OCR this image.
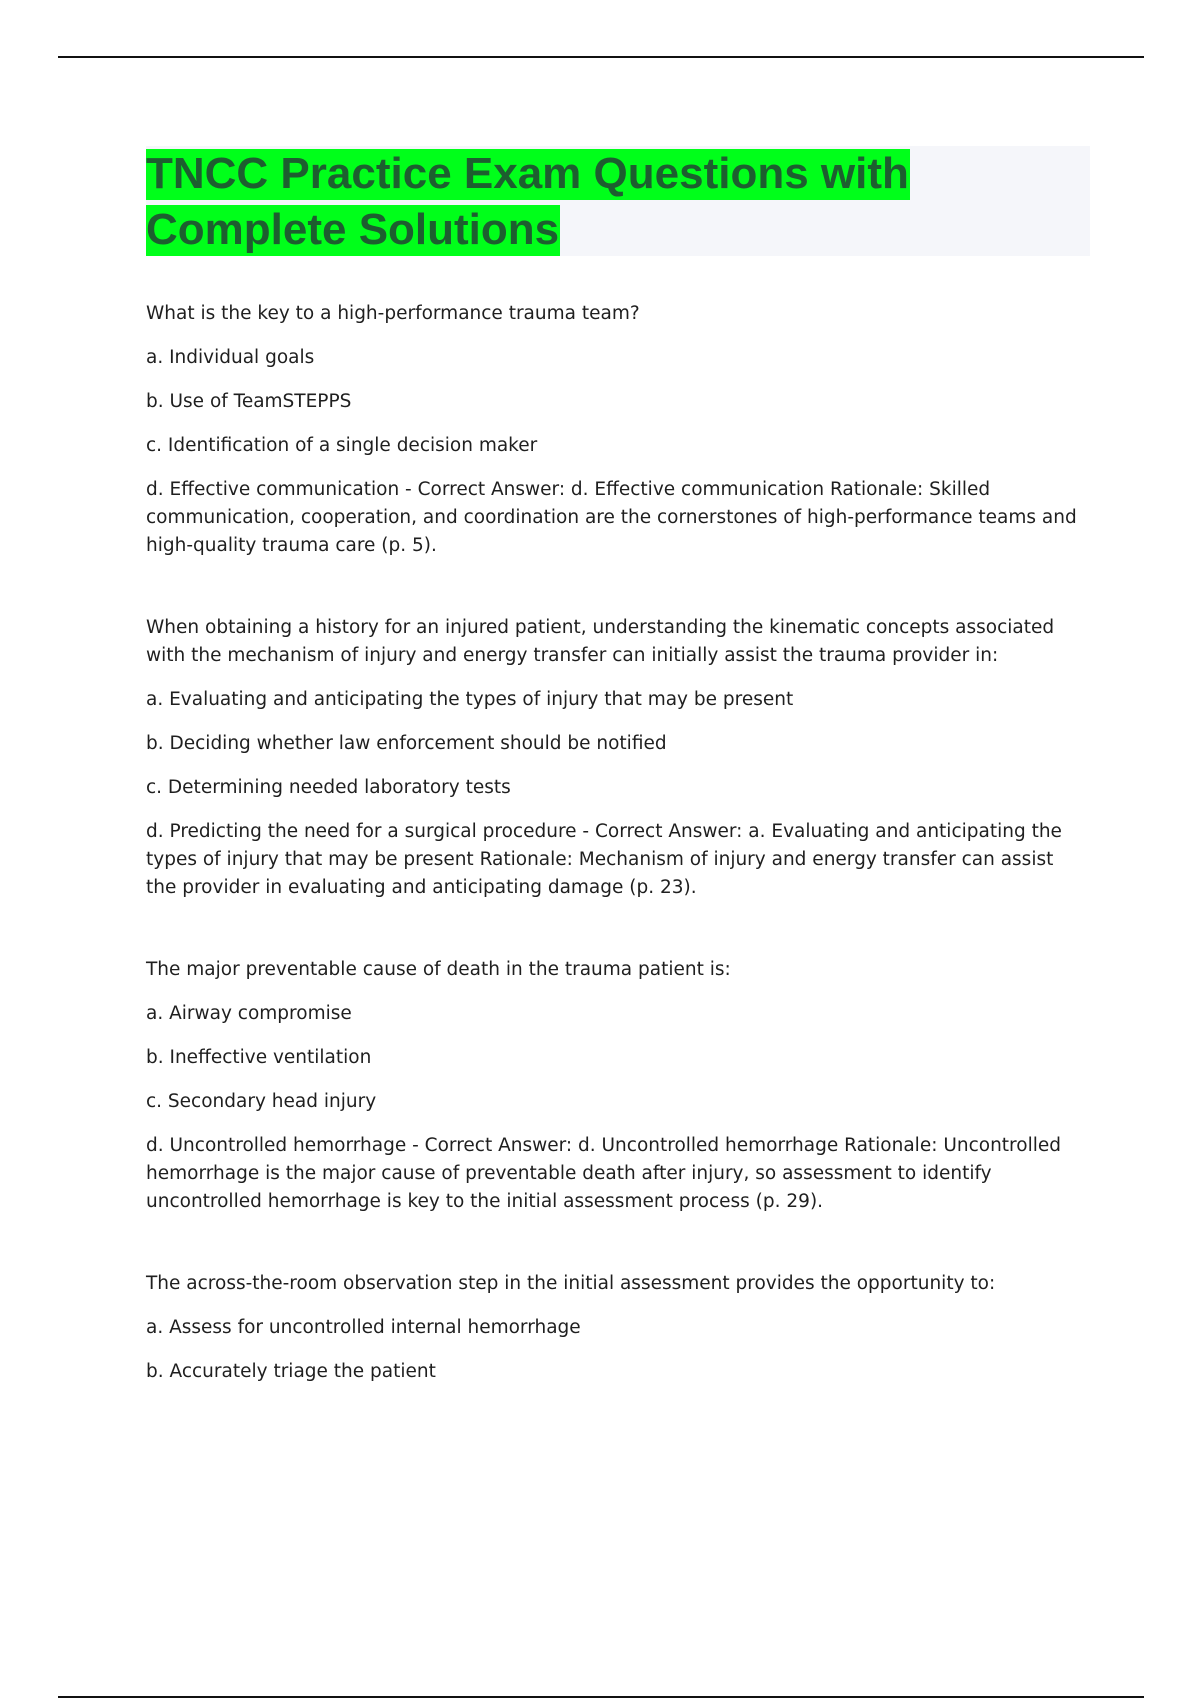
TNCC Practice Exam Questions with
Complete Solutions

What is the key to a high-performance trauma team?

a. Individual goals

b. Use of TeamSTEPPS

c. Identification of a single decision maker

d. Effective communication - Correct Answer: d. Effective communication Rationale: Skilled communication, cooperation, and coordination are the cornerstones of high-performance teams and high-quality trauma care (p. 5).

When obtaining a history for an injured patient, understanding the kinematic concepts associated with the mechanism of injury and energy transfer can initially assist the trauma provider in:

a. Evaluating and anticipating the types of injury that may be present

b. Deciding whether law enforcement should be notified

c. Determining needed laboratory tests

d. Predicting the need for a surgical procedure - Correct Answer: a. Evaluating and anticipating the types of injury that may be present Rationale: Mechanism of injury and energy transfer can assist the provider in evaluating and anticipating damage (p. 23).

The major preventable cause of death in the trauma patient is:

a. Airway compromise

b. Ineffective ventilation

c. Secondary head injury

d. Uncontrolled hemorrhage - Correct Answer: d. Uncontrolled hemorrhage Rationale: Uncontrolled hemorrhage is the major cause of preventable death after injury, so assessment to identify uncontrolled hemorrhage is key to the initial assessment process (p. 29).

The across-the-room observation step in the initial assessment provides the opportunity to:

a. Assess for uncontrolled internal hemorrhage

b. Accurately triage the patient
